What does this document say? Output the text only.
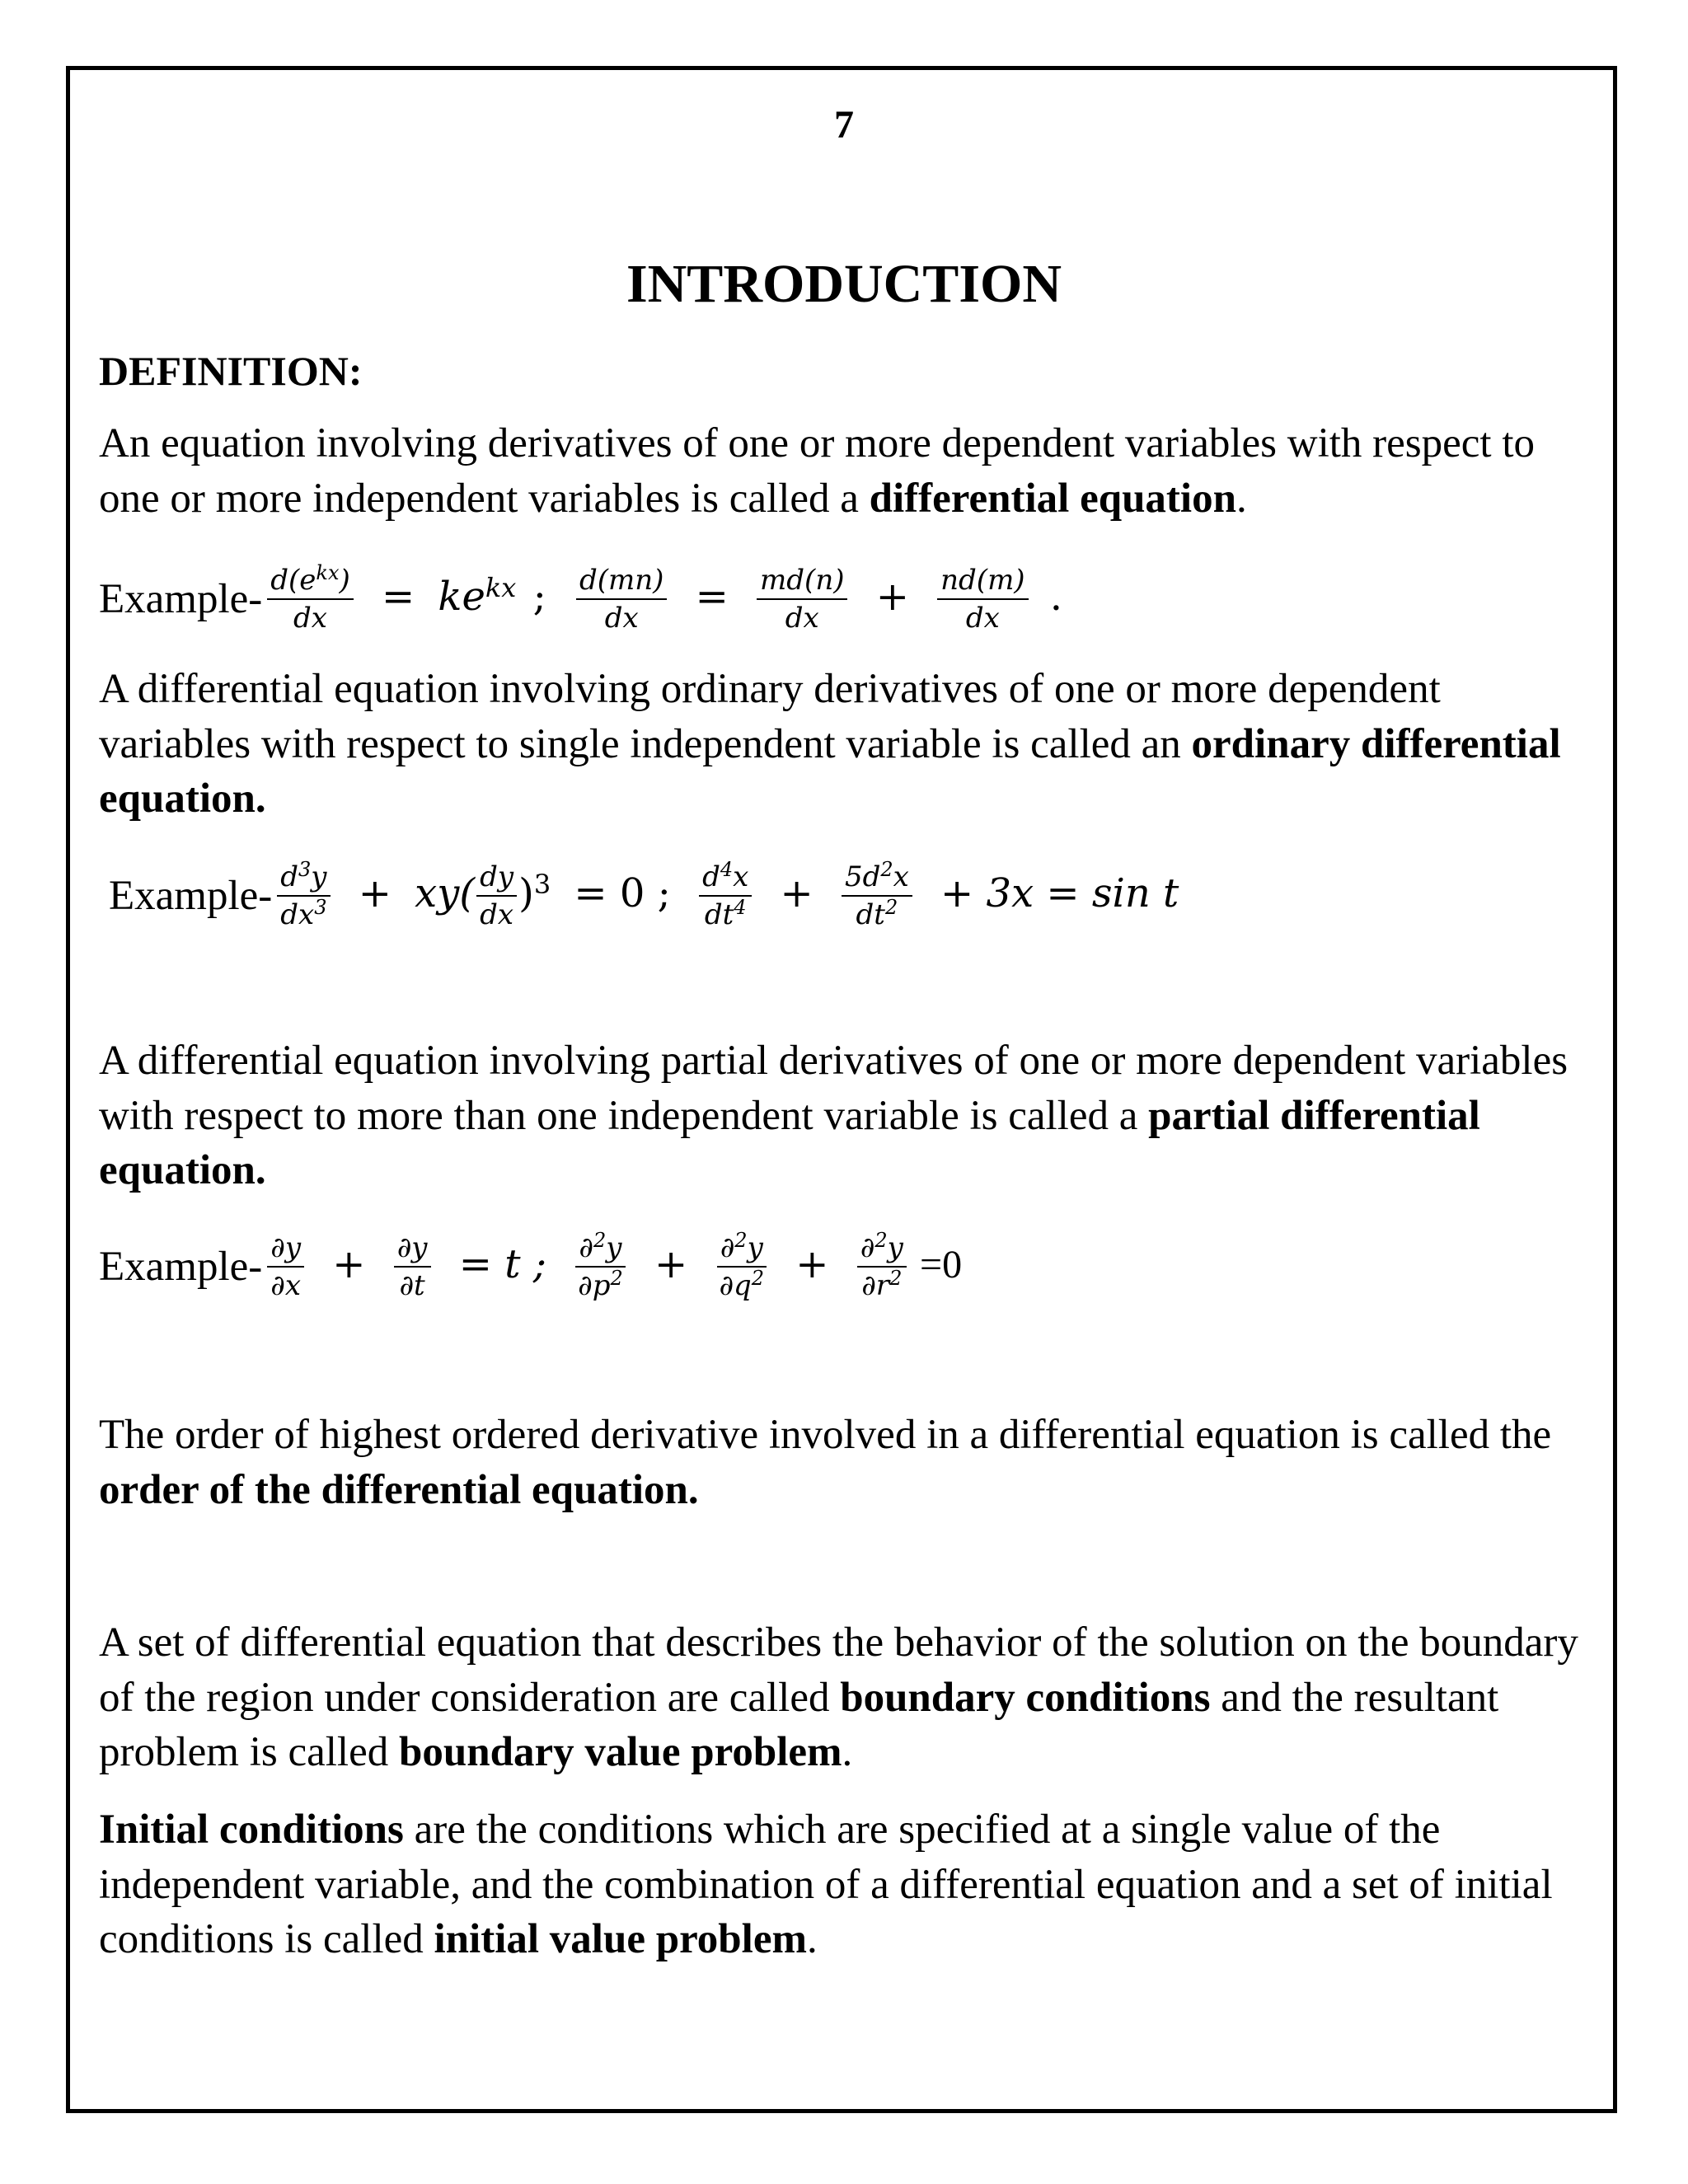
7
INTRODUCTION
DEFINITION:

An equation involving derivatives of one or more dependent variables with respect to one or more independent variables is called a differential equation.

Example- $\frac{d(e^{kx})}{dx} = ke^{kx}$ ; $\frac{d(mn)}{dx} = \frac{md(n)}{dx} + \frac{nd(m)}{dx}$ .

A differential equation involving ordinary derivatives of one or more dependent variables with respect to single independent variable is called an ordinary differential equation.

Example- $\frac{d^3y}{dx^3} + xy( \frac{dy}{dx} )^3 = 0$ ; $\frac{d^4x}{dt^4} + \frac{5d^2x}{dt^2} + 3x = \sin t$

A differential equation involving partial derivatives of one or more dependent variables with respect to more than one independent variable is called a partial differential equation.

Example- $\frac{\partial y}{\partial x} + \frac{\partial y}{\partial t} = t$ ; $\frac{\partial^2y}{\partial p^2} + \frac{\partial^2y}{\partial q^2} + \frac{\partial^2y}{\partial r^2} =0$

The order of highest ordered derivative involved in a differential equation is called the order of the differential equation.

A set of differential equation that describes the behavior of the solution on the boundary of the region under consideration are called boundary conditions and the resultant problem is called boundary value problem.

Initial conditions are the conditions which are specified at a single value of the independent variable, and the combination of a differential equation and a set of initial conditions is called initial value problem.
